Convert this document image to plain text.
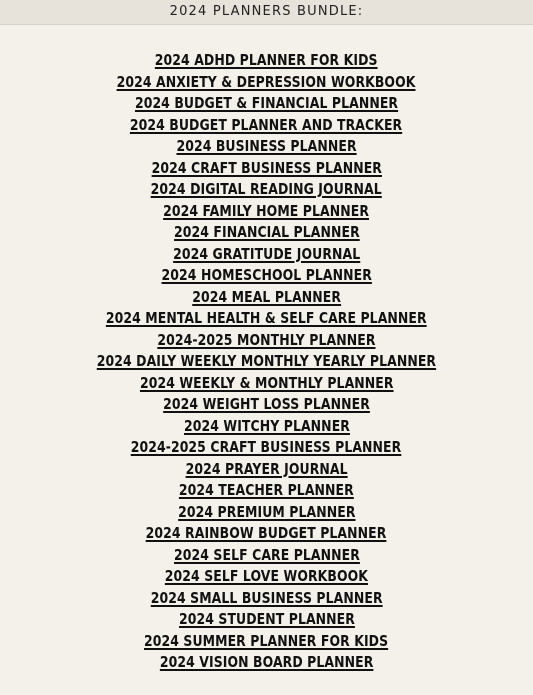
2024 PLANNERS BUNDLE:
2024 ADHD PLANNER FOR KIDS
2024 ANXIETY & DEPRESSION WORKBOOK
2024 BUDGET & FINANCIAL PLANNER
2024 BUDGET PLANNER AND TRACKER
2024 BUSINESS PLANNER
2024 CRAFT BUSINESS PLANNER
2024 DIGITAL READING JOURNAL
2024 FAMILY HOME PLANNER
2024 FINANCIAL PLANNER
2024 GRATITUDE JOURNAL
2024 HOMESCHOOL PLANNER
2024 MEAL PLANNER
2024 MENTAL HEALTH & SELF CARE PLANNER
2024-2025 MONTHLY PLANNER
2024 DAILY WEEKLY MONTHLY YEARLY PLANNER
2024 WEEKLY & MONTHLY PLANNER
2024 WEIGHT LOSS PLANNER
2024 WITCHY PLANNER
2024-2025 CRAFT BUSINESS PLANNER
2024 PRAYER JOURNAL
2024 TEACHER PLANNER
2024 PREMIUM PLANNER
2024 RAINBOW BUDGET PLANNER
2024 SELF CARE PLANNER
2024 SELF LOVE WORKBOOK
2024 SMALL BUSINESS PLANNER
2024 STUDENT PLANNER
2024 SUMMER PLANNER FOR KIDS
2024 VISION BOARD PLANNER
